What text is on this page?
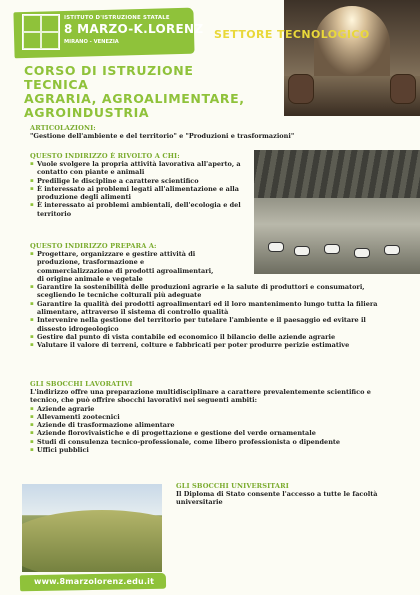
ISTITUTO D'ISTRUZIONE STATALE
8 MARZO-K.LORENZ
MIRANO - VENEZIA
SETTORE TECNOLOGICO
CORSO DI ISTRUZIONE TECNICA
AGRARIA, AGROALIMENTARE,
AGROINDUSTRIA
ARTICOLAZIONI:
"Gestione dell'ambiente e del territorio" e "Produzioni e trasformazioni"
QUESTO INDIRIZZO È RIVOLTO A CHI:
▪ Vuole svolgere la propria attività lavorativa all'aperto, a contatto con piante e animali
▪ Predilige le discipline a carattere scientifico
▪ È interessato ai problemi legati all'alimentazione e alla produzione degli alimenti
▪ È interessato ai problemi ambientali, dell'ecologia e del territorio
QUESTO INDIRIZZO PREPARA A:
▪ Progettare, organizzare e gestire attività di produzione, trasformazione e commercializzazione di prodotti agroalimentari, di origine animale e vegetale
▪ Garantire la sostenibilità delle produzioni agrarie e la salute di produttori e consumatori, scegliendo le tecniche colturali più adeguate
▪ Garantire la qualità dei prodotti agroalimentari ed il loro mantenimento lungo tutta la filiera alimentare, attraverso il sistema di controllo qualità
▪ Intervenire nella gestione del territorio per tutelare l'ambiente e il paesaggio ed evitare il dissesto idrogeologico
▪ Gestire dal punto di vista contabile ed economico il bilancio delle aziende agrarie
▪ Valutare il valore di terreni, colture e fabbricati per poter produrre perizie estimative
GLI SBOCCHI LAVORATIVI
L'indirizzo offre una preparazione multidisciplinare a carattere prevalentemente scientifico e tecnico, che può offrire sbocchi lavorativi nei seguenti ambiti:
▪ Aziende agrarie
▪ Allevamenti zootecnici
▪ Aziende di trasformazione alimentare
▪ Aziende florovivaistiche e di progettazione e gestione del verde ornamentale
▪ Studi di consulenza tecnico-professionale, come libero professionista o dipendente
▪ Uffici pubblici
GLI SBOCCHI UNIVERSITARI
Il Diploma di Stato consente l'accesso a tutte le facoltà universitarie
www.8marzolorenz.edu.it
